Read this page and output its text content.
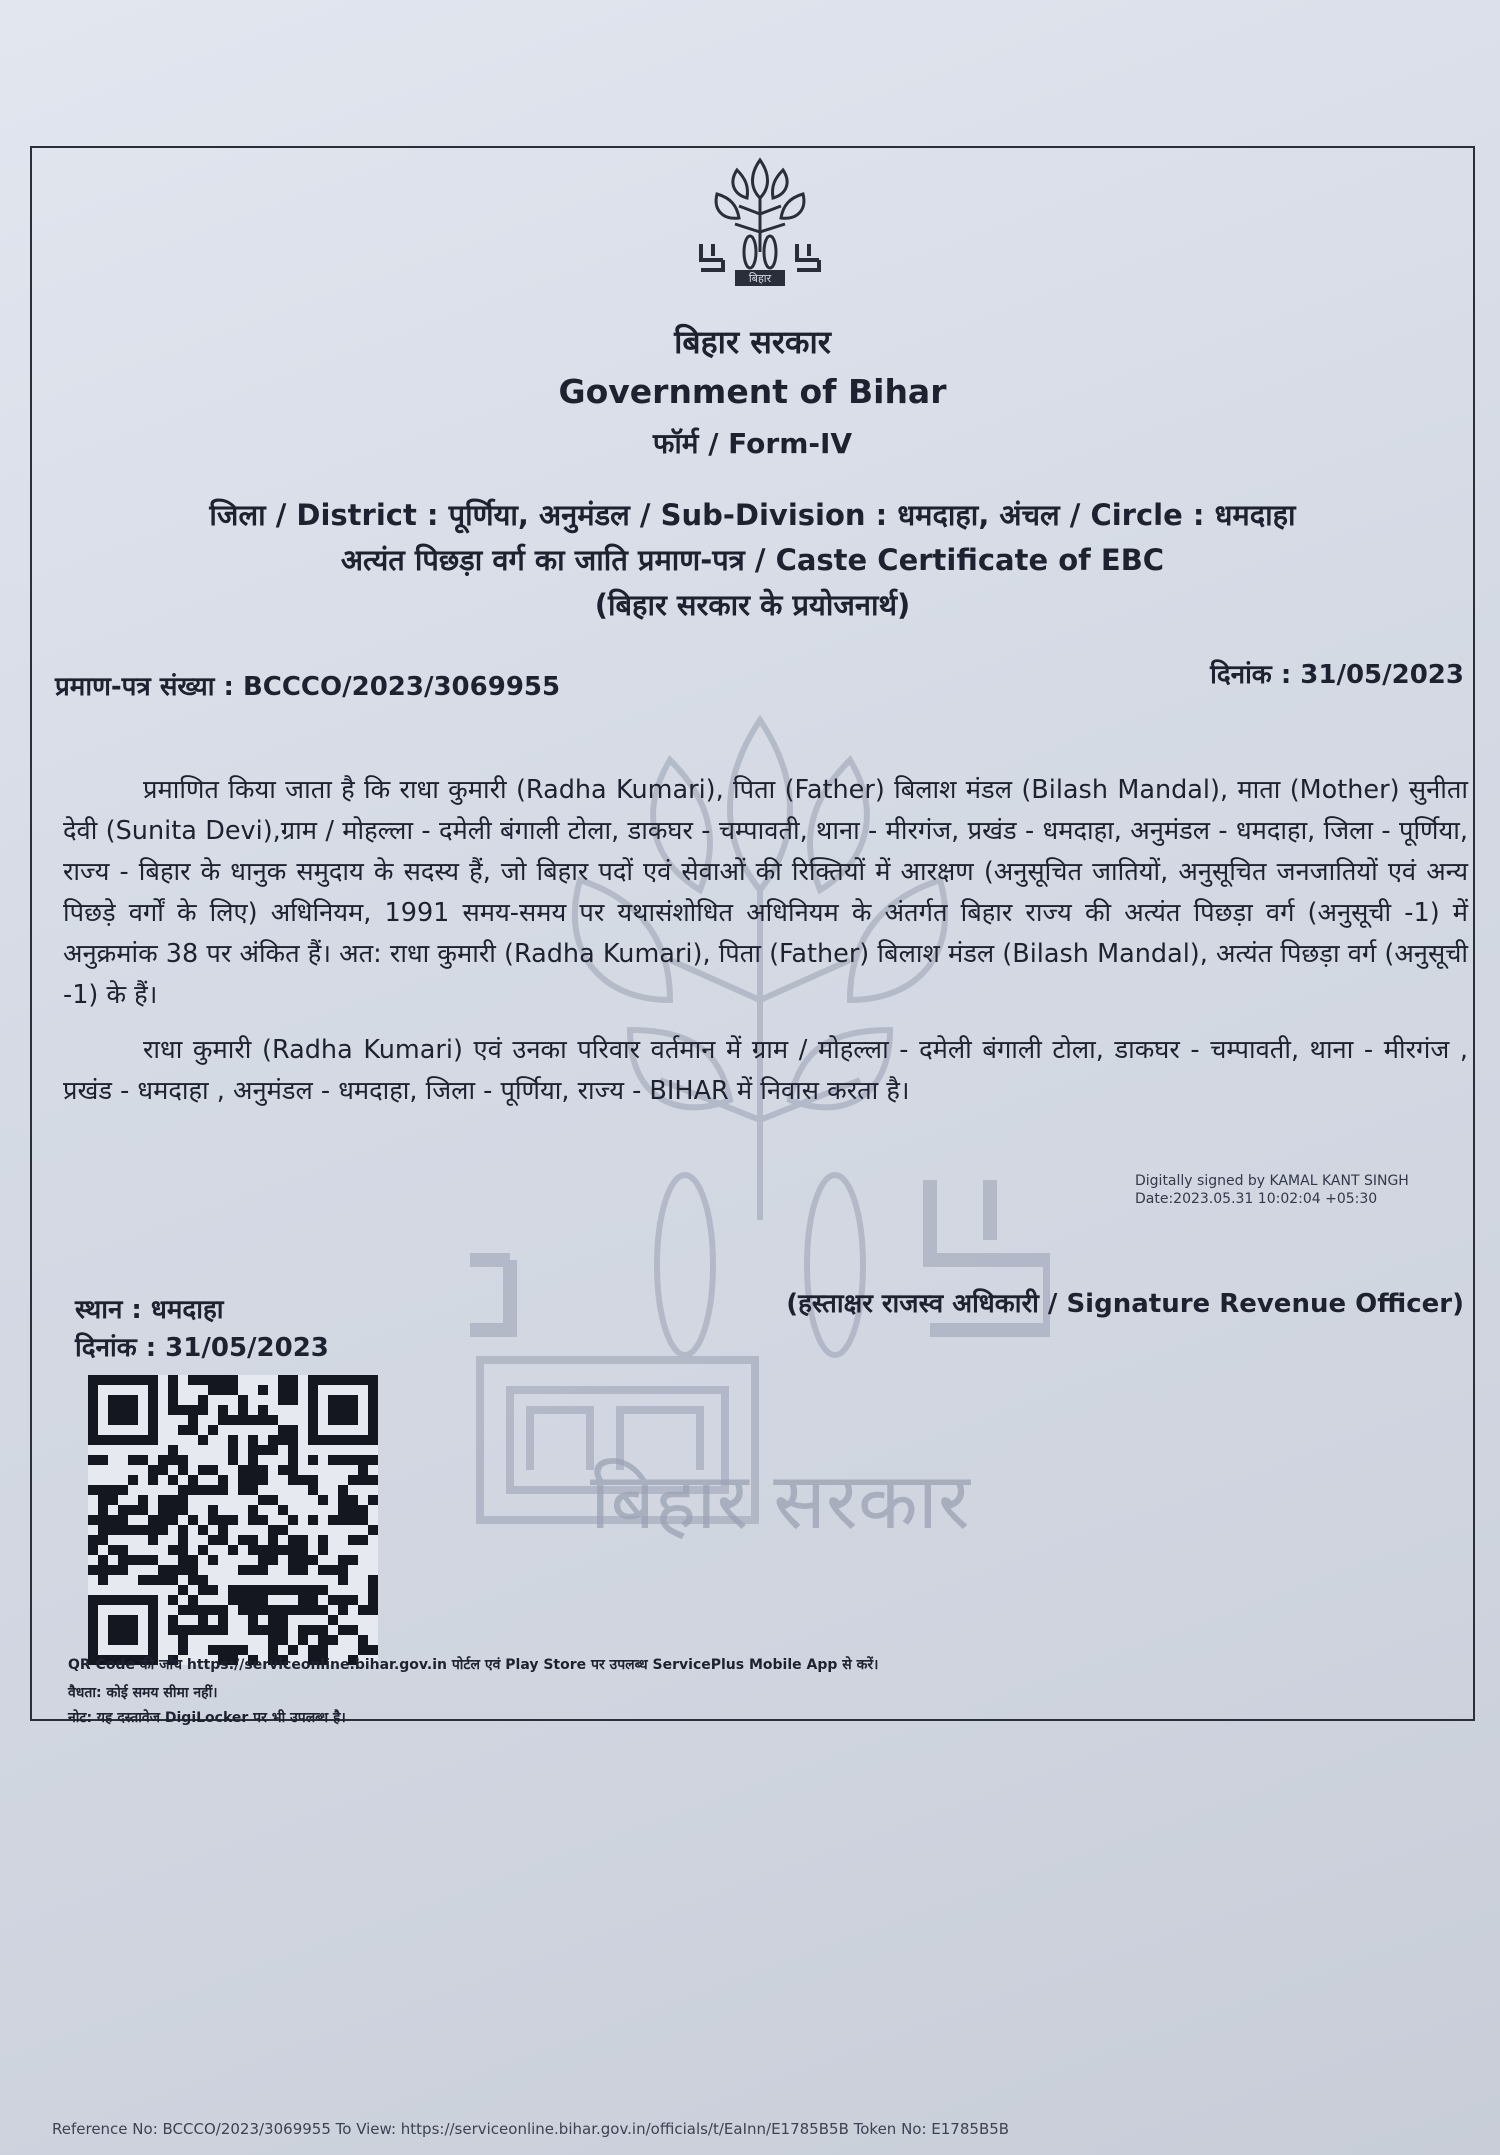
बिहार सरकार
बिहार
बिहार सरकार
Government of Bihar
फॉर्म / Form-IV
जिला / District : पूर्णिया, अनुमंडल / Sub-Division : धमदाहा, अंचल / Circle : धमदाहा
अत्यंत पिछड़ा वर्ग का जाति प्रमाण-पत्र / Caste Certificate of EBC
(बिहार सरकार के प्रयोजनार्थ)
प्रमाण-पत्र संख्या : BCCCO/2023/3069955	दिनांक : 31/05/2023

प्रमाणित किया जाता है कि राधा कुमारी (Radha Kumari), पिता (Father) बिलाश मंडल (Bilash Mandal), माता (Mother) सुनीता देवी (Sunita Devi),ग्राम / मोहल्ला - दमेली बंगाली टोला, डाकघर - चम्पावती, थाना - मीरगंज, प्रखंड - धमदाहा, अनुमंडल - धमदाहा, जिला - पूर्णिया, राज्य - बिहार के धानुक समुदाय के सदस्य हैं, जो बिहार पदों एवं सेवाओं की रिक्तियों में आरक्षण (अनुसूचित जातियों, अनुसूचित जनजातियों एवं अन्य पिछड़े वर्गों के लिए) अधिनियम, 1991 समय-समय पर यथासंशोधित अधिनियम के अंतर्गत बिहार राज्य की अत्यंत पिछड़ा वर्ग (अनुसूची -1) में अनुक्रमांक 38 पर अंकित हैं। अत: राधा कुमारी (Radha Kumari), पिता (Father) बिलाश मंडल (Bilash Mandal), अत्यंत पिछड़ा वर्ग (अनुसूची -1) के हैं।

राधा कुमारी (Radha Kumari) एवं उनका परिवार वर्तमान में ग्राम / मोहल्ला - दमेली बंगाली टोला, डाकघर - चम्पावती, थाना - मीरगंज , प्रखंड - धमदाहा , अनुमंडल - धमदाहा, जिला - पूर्णिया, राज्य - BIHAR में निवास करता है।

Digitally signed by KAMAL KANT SINGH
Date:2023.05.31 10:02:04 +05:30
स्थान : धमदाहा
दिनांक : 31/05/2023
(हस्ताक्षर राजस्व अधिकारी / Signature Revenue Officer)
QR Code की जाँच https://serviceonline.bihar.gov.in पोर्टल एवं Play Store पर उपलब्ध ServicePlus Mobile App से करें।
वैधता: कोई समय सीमा नहीं।
नोट: यह दस्तावेज DigiLocker पर भी उपलब्ध है।
Reference No: BCCCO/2023/3069955 To View: https://serviceonline.bihar.gov.in/officials/t/EaInn/E1785B5B Token No: E1785B5B
